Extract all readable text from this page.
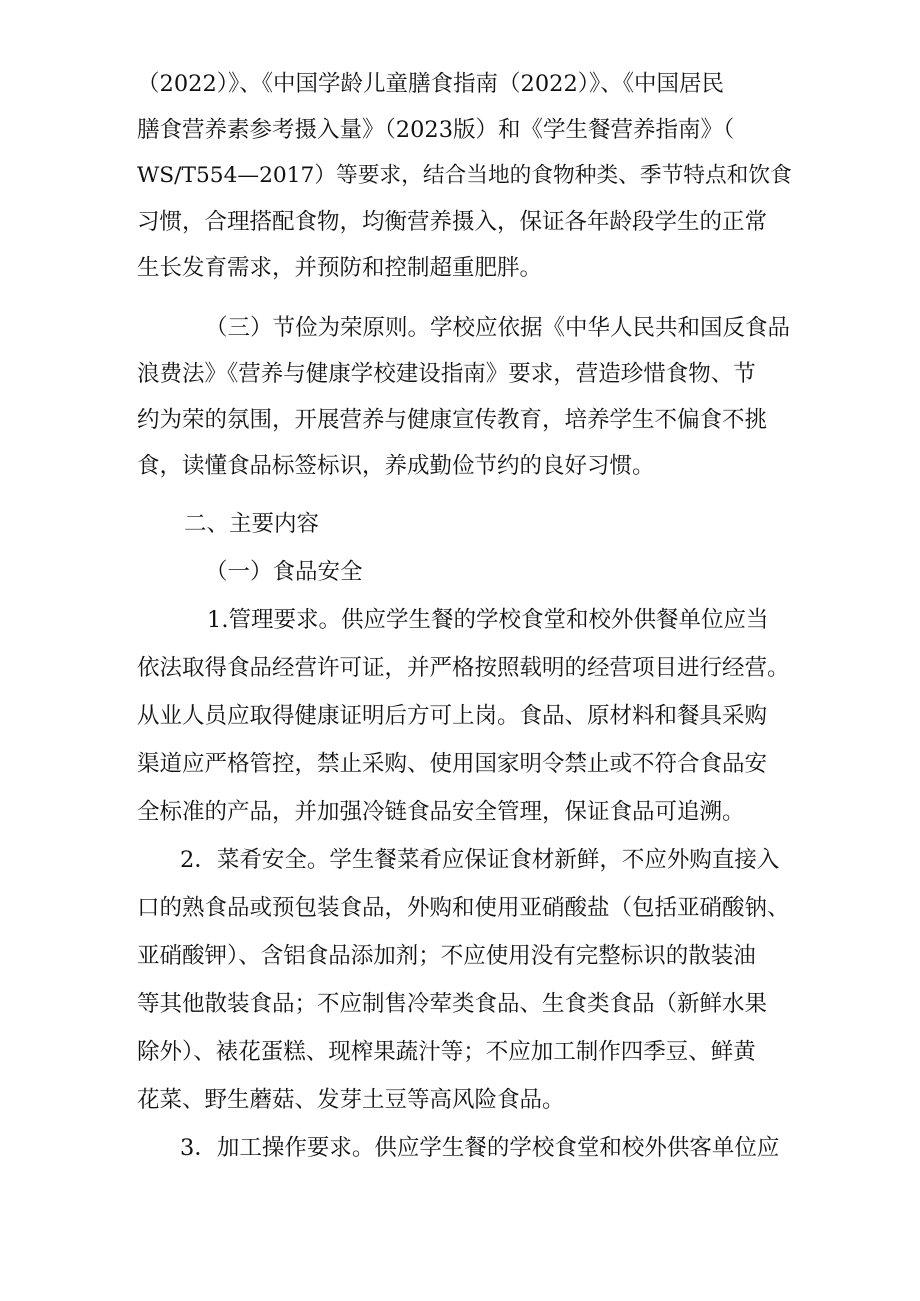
（2022）》、《中国学龄儿童膳食指南（2022）》、《中国居民
膳食营养素参考摄入量》（2023版）和《学生餐营养指南》（
WS/T554—2017）等要求，结合当地的食物种类、季节特点和饮食
习惯，合理搭配食物，均衡营养摄入，保证各年龄段学生的正常
生长发育需求，并预防和控制超重肥胖。
（三）节俭为荣原则。学校应依据《中华人民共和国反食品
浪费法》《营养与健康学校建设指南》要求，营造珍惜食物、节
约为荣的氛围，开展营养与健康宣传教育，培养学生不偏食不挑
食，读懂食品标签标识，养成勤俭节约的良好习惯。
二、主要内容
（一）食品安全
1.管理要求。供应学生餐的学校食堂和校外供餐单位应当
依法取得食品经营许可证，并严格按照载明的经营项目进行经营。
从业人员应取得健康证明后方可上岗。食品、原材料和餐具采购
渠道应严格管控，禁止采购、使用国家明令禁止或不符合食品安
全标准的产品，并加强冷链食品安全管理，保证食品可追溯。
2．菜肴安全。学生餐菜肴应保证食材新鲜，不应外购直接入
口的熟食品或预包装食品，外购和使用亚硝酸盐（包括亚硝酸钠、
亚硝酸钾）、含铝食品添加剂；不应使用没有完整标识的散装油
等其他散装食品；不应制售冷荤类食品、生食类食品（新鲜水果
除外）、裱花蛋糕、现榨果蔬汁等；不应加工制作四季豆、鲜黄
花菜、野生蘑菇、发芽土豆等高风险食品。
3．加工操作要求。供应学生餐的学校食堂和校外供客单位应
